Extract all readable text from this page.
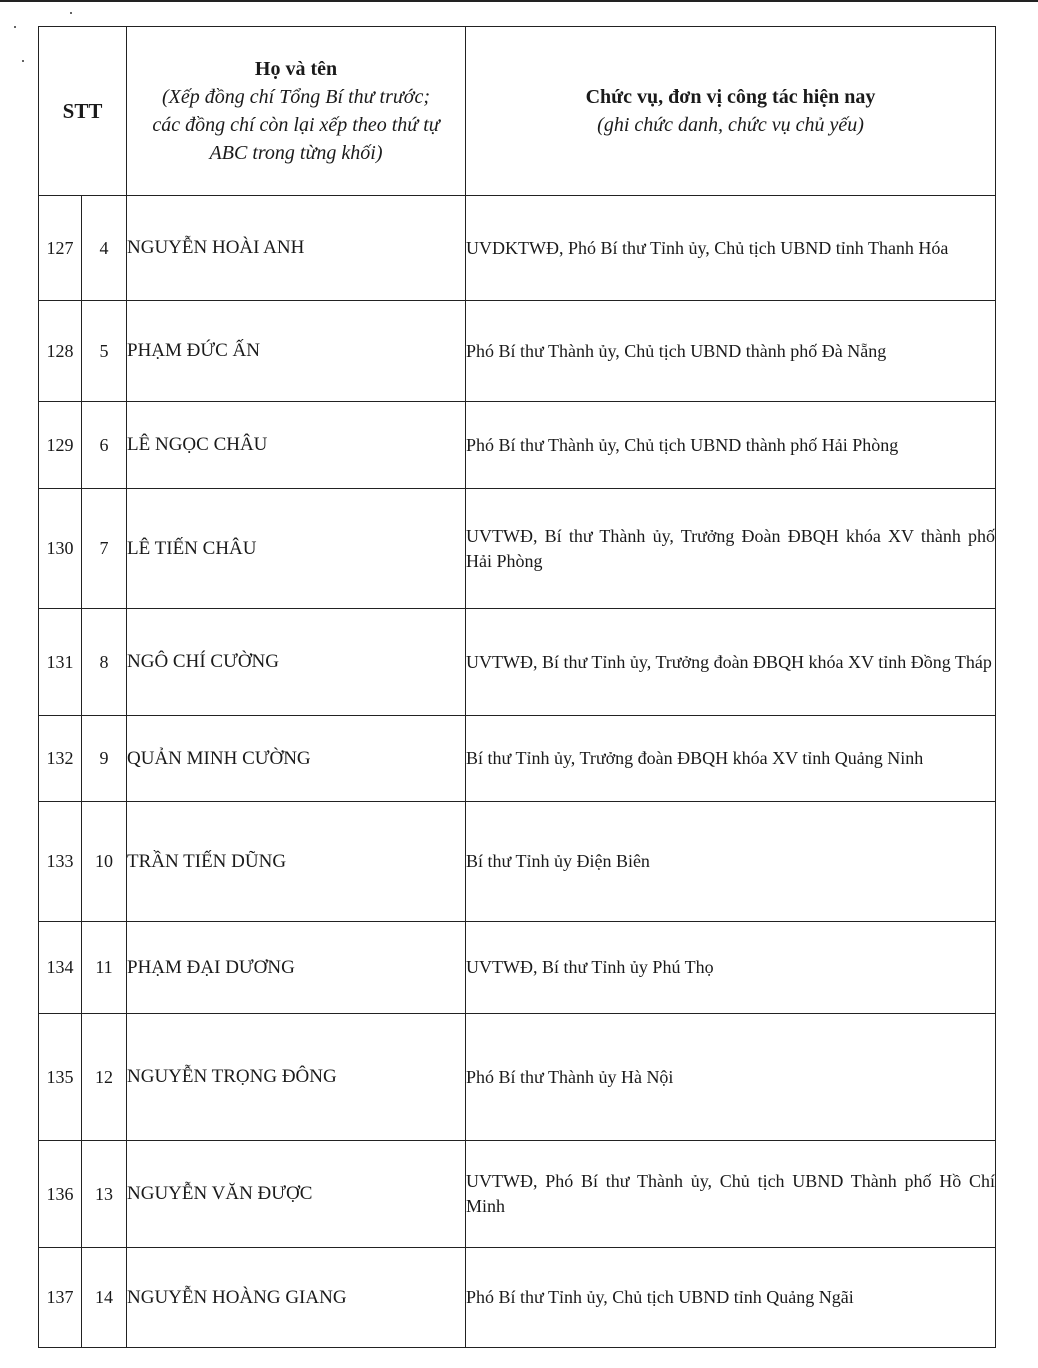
STT		Họ và tên
(Xếp đồng chí Tổng Bí thư trước;
các đồng chí còn lại xếp theo thứ tự
ABC trong từng khối)	Chức vụ, đơn vị công tác hiện nay
(ghi chức danh, chức vụ chủ yếu)

127	4	NGUYỄN HOÀI ANH	UVDKTWĐ, Phó Bí thư Tỉnh ủy, Chủ tịch UBND tỉnh Thanh Hóa
128	5	PHẠM ĐỨC ẤN	Phó Bí thư Thành ủy, Chủ tịch UBND thành phố Đà Nẵng
129	6	LÊ NGỌC CHÂU	Phó Bí thư Thành ủy, Chủ tịch UBND thành phố Hải Phòng
130	7	LÊ TIẾN CHÂU	UVTWĐ, Bí thư Thành ủy, Trưởng Đoàn ĐBQH khóa XV thành phố Hải Phòng
131	8	NGÔ CHÍ CƯỜNG	UVTWĐ, Bí thư Tỉnh ủy, Trưởng đoàn ĐBQH khóa XV tỉnh Đồng Tháp
132	9	QUẢN MINH CƯỜNG	Bí thư Tỉnh ủy, Trưởng đoàn ĐBQH khóa XV tỉnh Quảng Ninh
133	10	TRẦN TIẾN DŨNG	Bí thư Tỉnh ủy Điện Biên
134	11	PHẠM ĐẠI DƯƠNG	UVTWĐ, Bí thư Tỉnh ủy Phú Thọ
135	12	NGUYỄN TRỌNG ĐÔNG	Phó Bí thư Thành ủy Hà Nội
136	13	NGUYỄN VĂN ĐƯỢC	UVTWĐ, Phó Bí thư Thành ủy, Chủ tịch UBND Thành phố Hồ Chí Minh
137	14	NGUYỄN HOÀNG GIANG	Phó Bí thư Tỉnh ủy, Chủ tịch UBND tỉnh Quảng Ngãi
